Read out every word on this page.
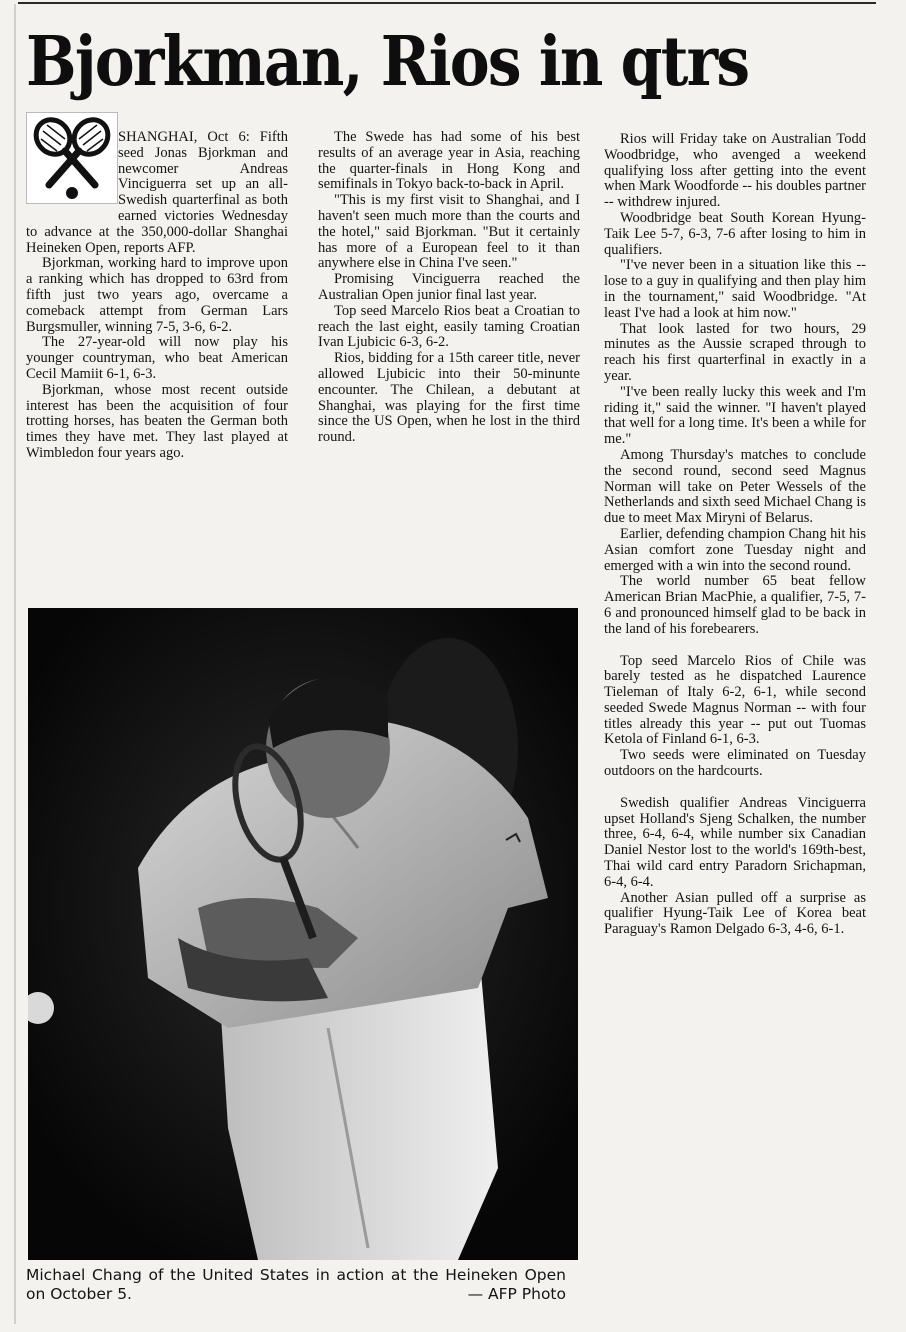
Bjorkman, Rios in qtrs

SHANGHAI, Oct 6: Fifth seed Jonas Bjorkman and newcomer Andreas Vinciguerra set up an all-Swedish quarterfinal as both earned victories Wednesday to advance at the 350,000-dollar Shanghai Heineken Open, reports AFP.

Bjorkman, working hard to improve upon a ranking which has dropped to 63rd from fifth just two years ago, overcame a comeback attempt from German Lars Burgsmuller, winning 7-5, 3-6, 6-2.

The 27-year-old will now play his younger countryman, who beat American Cecil Mamiit 6-1, 6-3.

Bjorkman, whose most recent outside interest has been the acquisition of four trotting horses, has beaten the German both times they have met. They last played at Wimbledon four years ago.

The Swede has had some of his best results of an average year in Asia, reaching the quarter-finals in Hong Kong and semifinals in Tokyo back-to-back in April.

"This is my first visit to Shanghai, and I haven't seen much more than the courts and the hotel," said Bjorkman. "But it certainly has more of a European feel to it than anywhere else in China I've seen."

Promising Vinciguerra reached the Australian Open junior final last year.

Top seed Marcelo Rios beat a Croatian to reach the last eight, easily taming Croatian Ivan Ljubicic 6-3, 6-2.

Rios, bidding for a 15th career title, never allowed Ljubicic into their 50-minunte encounter. The Chilean, a debutant at Shanghai, was playing for the first time since the US Open, when he lost in the third round.

Rios will Friday take on Australian Todd Woodbridge, who avenged a weekend qualifying loss after getting into the event when Mark Woodforde -- his doubles partner -- withdrew injured.

Woodbridge beat South Korean Hyung-Taik Lee 5-7, 6-3, 7-6 after losing to him in qualifiers.

"I've never been in a situation like this -- lose to a guy in qualifying and then play him in the tournament," said Woodbridge. "At least I've had a look at him now."

That look lasted for two hours, 29 minutes as the Aussie scraped through to reach his first quarterfinal in exactly in a year.

"I've been really lucky this week and I'm riding it," said the winner. "I haven't played that well for a long time. It's been a while for me."

Among Thursday's matches to conclude the second round, second seed Magnus Norman will take on Peter Wessels of the Netherlands and sixth seed Michael Chang is due to meet Max Miryni of Belarus.

Earlier, defending champion Chang hit his Asian comfort zone Tuesday night and emerged with a win into the second round.

The world number 65 beat fellow American Brian MacPhie, a qualifier, 7-5, 7-6 and pronounced himself glad to be back in the land of his forebearers.

Top seed Marcelo Rios of Chile was barely tested as he dispatched Laurence Tieleman of Italy 6-2, 6-1, while second seeded Swede Magnus Norman -- with four titles already this year -- put out Tuomas Ketola of Finland 6-1, 6-3.

Two seeds were eliminated on Tuesday outdoors on the hardcourts.

Swedish qualifier Andreas Vinciguerra upset Holland's Sjeng Schalken, the number three, 6-4, 6-4, while number six Canadian Daniel Nestor lost to the world's 169th-best, Thai wild card entry Paradorn Srichapman, 6-4, 6-4.

Another Asian pulled off a surprise as qualifier Hyung-Taik Lee of Korea beat Paraguay's Ramon Delgado 6-3, 4-6, 6-1.

Michael Chang of the United States in action at the Heineken Open on October 5.	— AFP Photo
